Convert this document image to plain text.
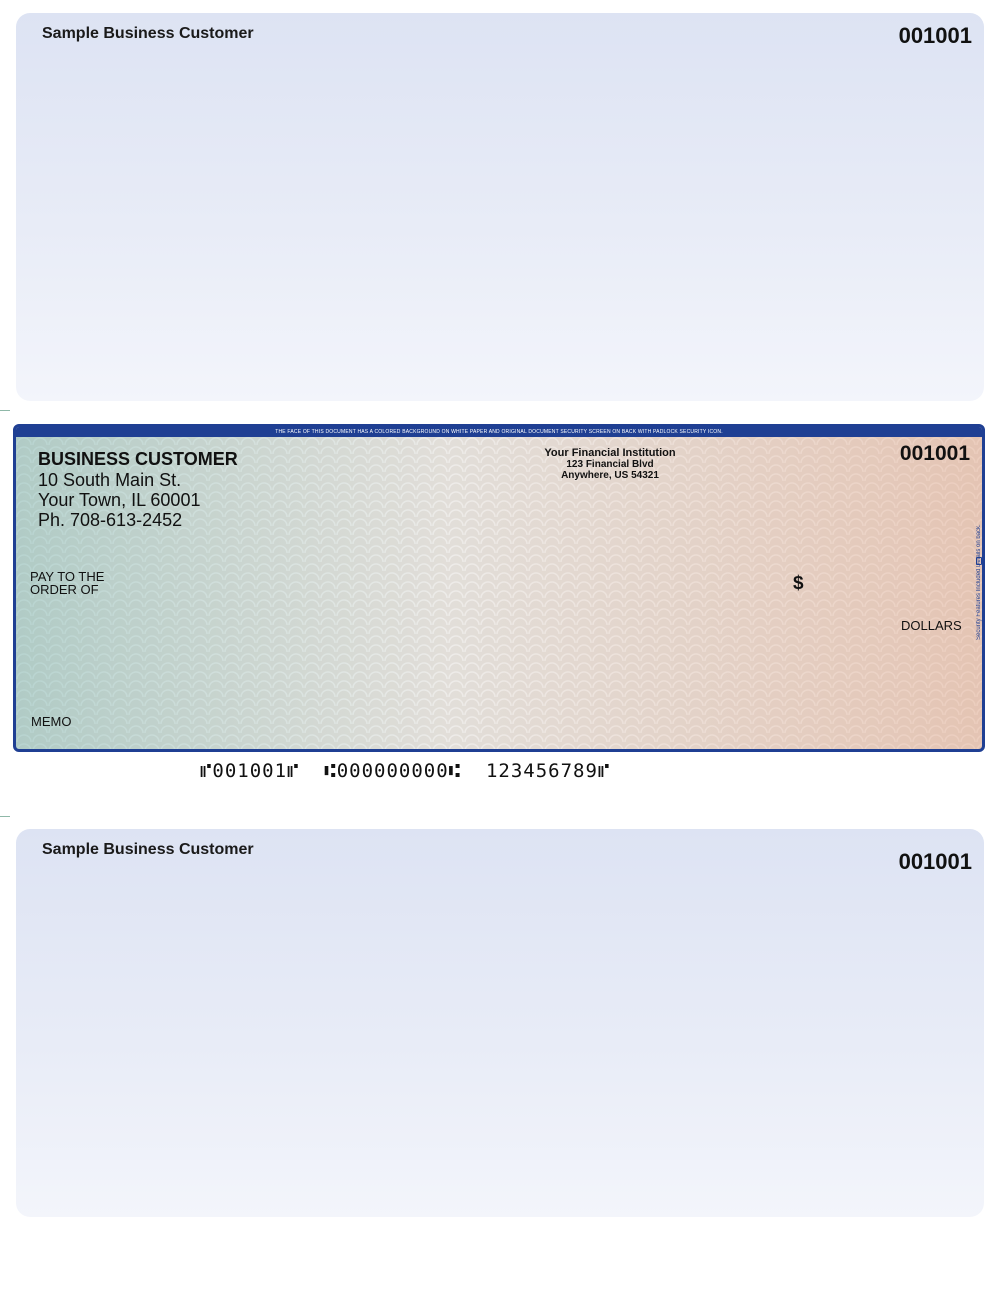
Sample Business Customer	001001
THE FACE OF THIS DOCUMENT HAS A COLORED BACKGROUND ON WHITE PAPER AND ORIGINAL DOCUMENT SECURITY SCREEN ON BACK WITH PADLOCK SECURITY ICON.
BUSINESS CUSTOMER
10 South Main St.
Your Town, IL 60001
Ph. 708-613-2452
Your Financial Institution
123 Financial Blvd
Anywhere, US 54321
001001
PAY TO THE
ORDER OF	$
DOLLARS
MEMO
Security Features Included Details on back.
⑈001001⑈  ⑆000000000⑆  123456789⑈
Sample Business Customer	001001
